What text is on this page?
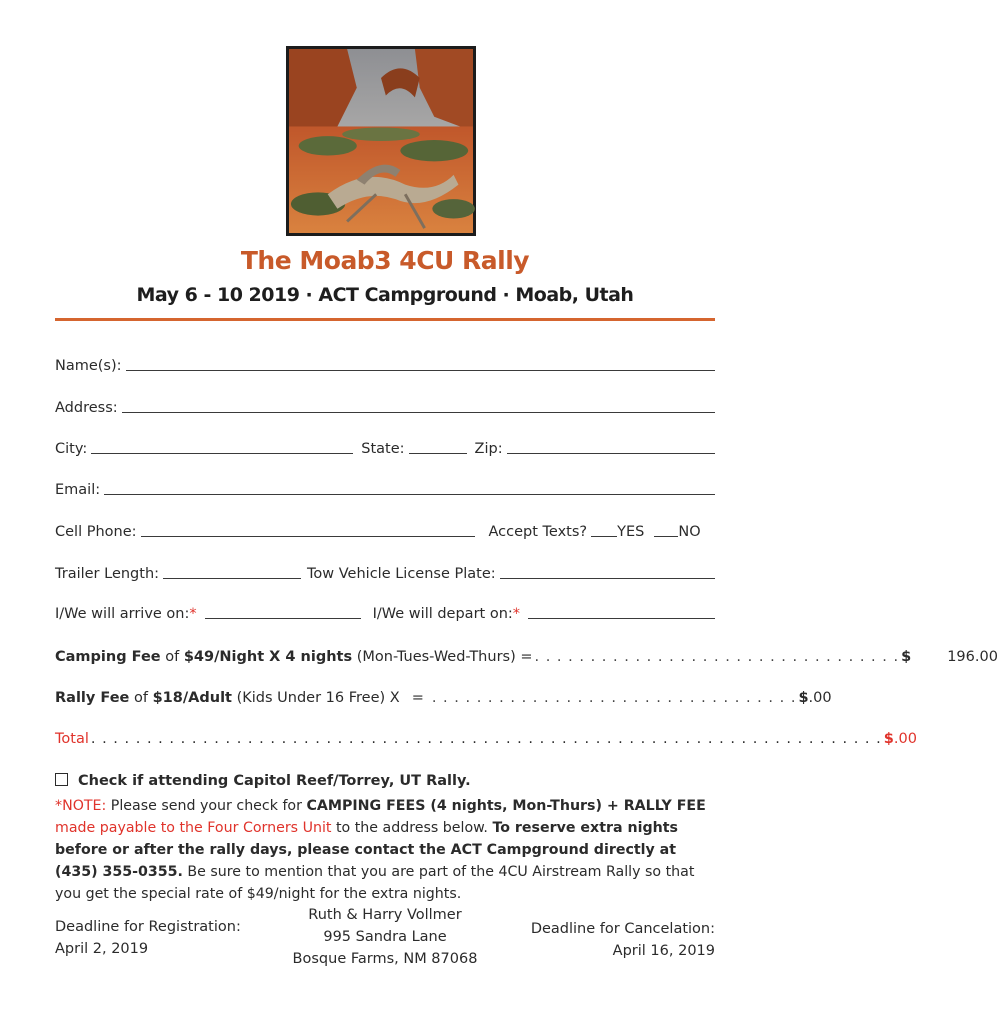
The Moab3 4CU Rally
May 6 - 10 2019 · ACT Campground · Moab, Utah
Name(s):
Address:
City:	State:	Zip:
Email:
Cell Phone:	Accept Texts? YES NO
Trailer Length:	Tow Vehicle License Plate:
I/We will arrive on: *	I/We will depart on: *
Camping Fee of $49/Night X 4 nights (Mon-Tues-Wed-Thurs) = . . . . . . . . . . . . . . . . . . . . . . . . . . . . . . . . . $ 196.00
Rally Fee of $18/Adult (Kids Under 16 Free) X = . . . . . . . . . . . . . . . . . . . . . . . . . . . . . . . . . $ .00
Total . . . . . . . . . . . . . . . . . . . . . . . . . . . . . . . . . . . . . . . . . . . . . . . . . . . . . . . . . . . . . . . . . . . . . . . $ .00
Check if attending Capitol Reef/Torrey, UT Rally.
*NOTE: Please send your check for CAMPING FEES (4 nights, Mon-Thurs) + RALLY FEE made payable to the Four Corners Unit to the address below. To reserve extra nights before or after the rally days, please contact the ACT Campground directly at (435) 355-0355. Be sure to mention that you are part of the 4CU Airstream Rally so that you get the special rate of $49/night for the extra nights.
Deadline for Registration:
April 2, 2019
Ruth & Harry Vollmer
995 Sandra Lane
Bosque Farms, NM 87068
Deadline for Cancelation:
April 16, 2019
